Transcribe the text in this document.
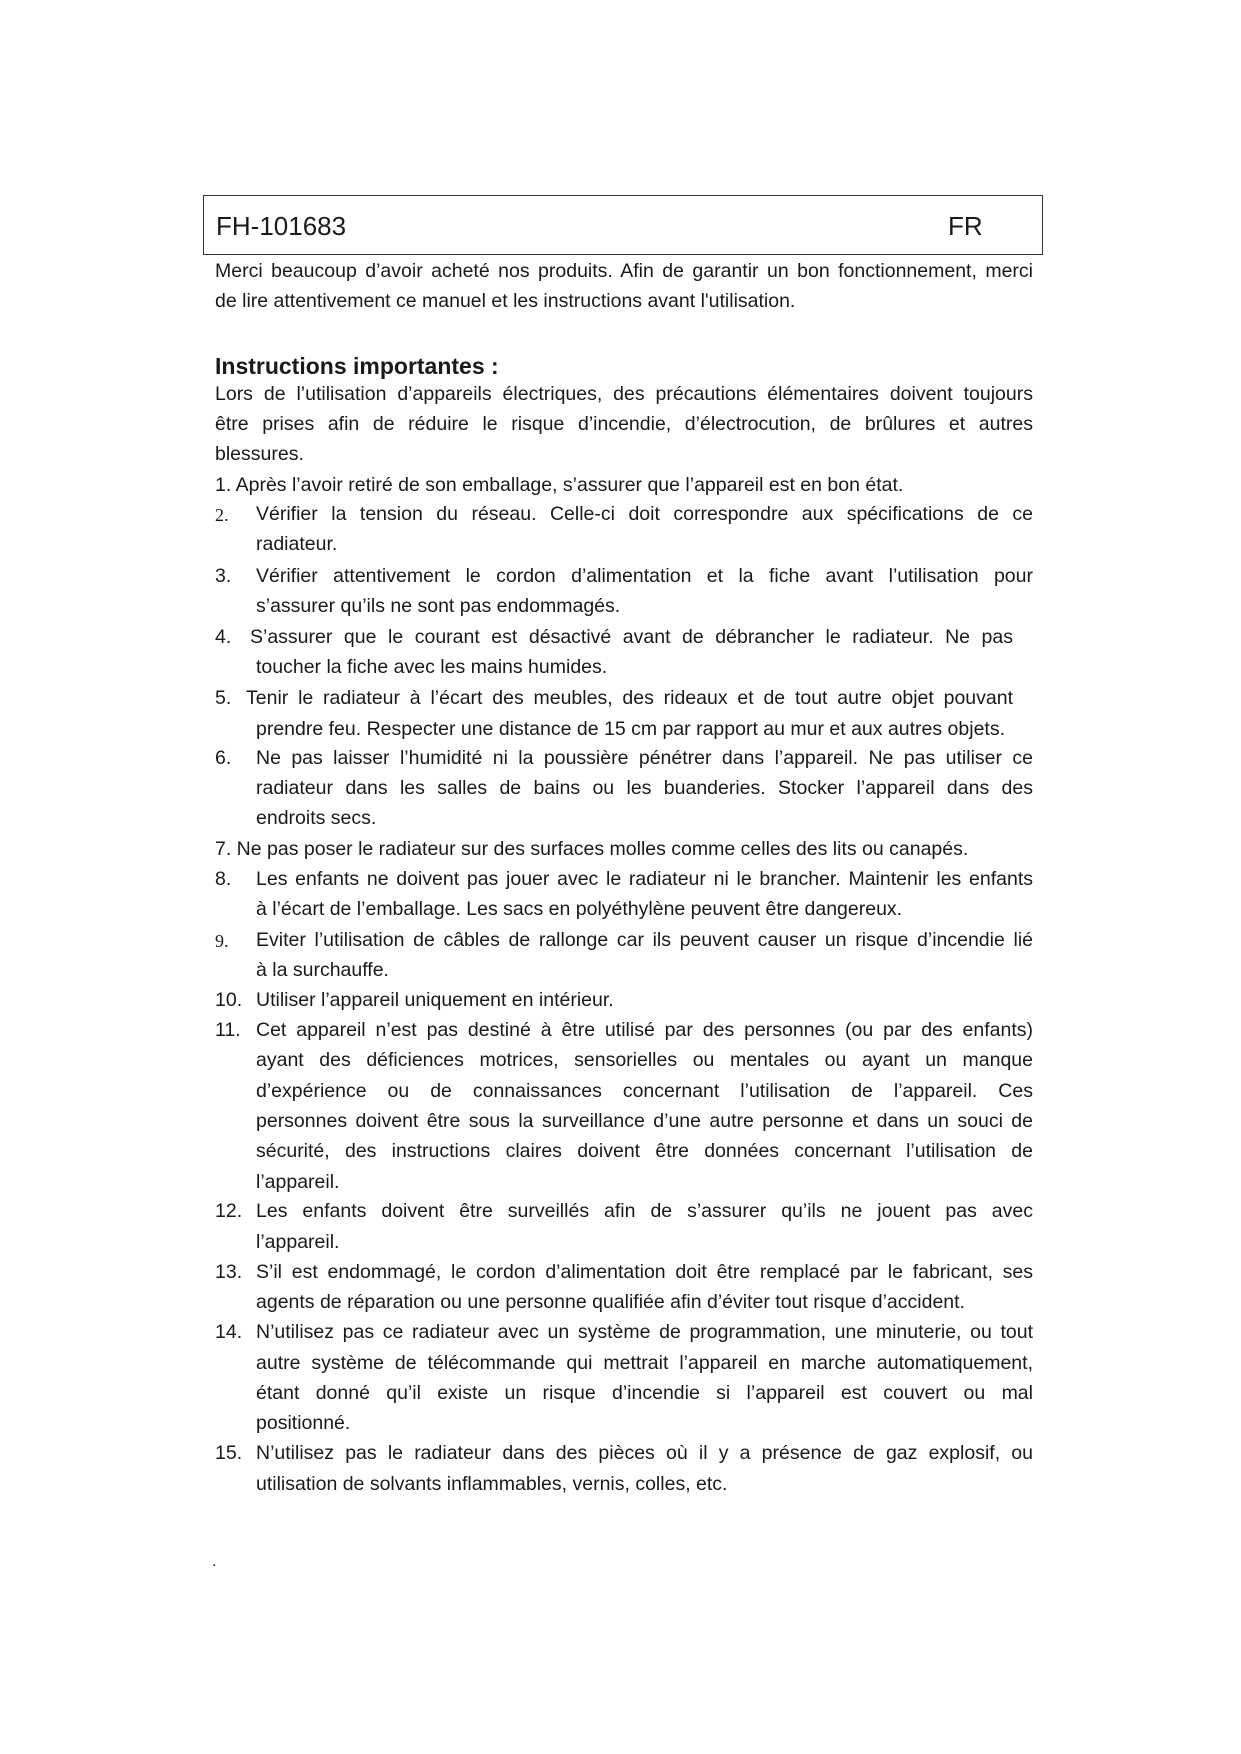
FH-101683	FR
Merci beaucoup d’avoir acheté nos produits. Afin de garantir un bon fonctionnement, merci
de lire attentivement ce manuel et les instructions avant l'utilisation.
Instructions importantes :
Lors de l’utilisation d’appareils électriques, des précautions élémentaires doivent toujours
être prises afin de réduire le risque d’incendie, d’électrocution, de brûlures et autres
blessures.
1. Après l’avoir retiré de son emballage, s’assurer que l’appareil est en bon état.
2. Vérifier la tension du réseau. Celle-ci doit correspondre aux spécifications de ce
radiateur.
3. Vérifier attentivement le cordon d’alimentation et la fiche avant l’utilisation pour
s’assurer qu’ils ne sont pas endommagés.
4. S’assurer que le courant est désactivé avant de débrancher le radiateur. Ne pas
toucher la fiche avec les mains humides.
5. Tenir le radiateur à l’écart des meubles, des rideaux et de tout autre objet pouvant
prendre feu. Respecter une distance de 15 cm par rapport au mur et aux autres objets.
6. Ne pas laisser l’humidité ni la poussière pénétrer dans l’appareil. Ne pas utiliser ce
radiateur dans les salles de bains ou les buanderies. Stocker l’appareil dans des
endroits secs.
7. Ne pas poser le radiateur sur des surfaces molles comme celles des lits ou canapés.
8. Les enfants ne doivent pas jouer avec le radiateur ni le brancher. Maintenir les enfants
à l’écart de l’emballage. Les sacs en polyéthylène peuvent être dangereux.
9. Eviter l’utilisation de câbles de rallonge car ils peuvent causer un risque d’incendie lié
à la surchauffe.
10. Utiliser l’appareil uniquement en intérieur.
11. Cet appareil n’est pas destiné à être utilisé par des personnes (ou par des enfants)
ayant des déficiences motrices, sensorielles ou mentales ou ayant un manque
d’expérience ou de connaissances concernant l’utilisation de l’appareil. Ces
personnes doivent être sous la surveillance d’une autre personne et dans un souci de
sécurité, des instructions claires doivent être données concernant l’utilisation de
l’appareil.
12. Les enfants doivent être surveillés afin de s’assurer qu’ils ne jouent pas avec
l’appareil.
13. S’il est endommagé, le cordon d’alimentation doit être remplacé par le fabricant, ses
agents de réparation ou une personne qualifiée afin d’éviter tout risque d’accident.
14. N’utilisez pas ce radiateur avec un système de programmation, une minuterie, ou tout
autre système de télécommande qui mettrait l’appareil en marche automatiquement,
étant donné qu’il existe un risque d’incendie si l’appareil est couvert ou mal
positionné.
15. N’utilisez pas le radiateur dans des pièces où il y a présence de gaz explosif, ou
utilisation de solvants inflammables, vernis, colles, etc.
.
